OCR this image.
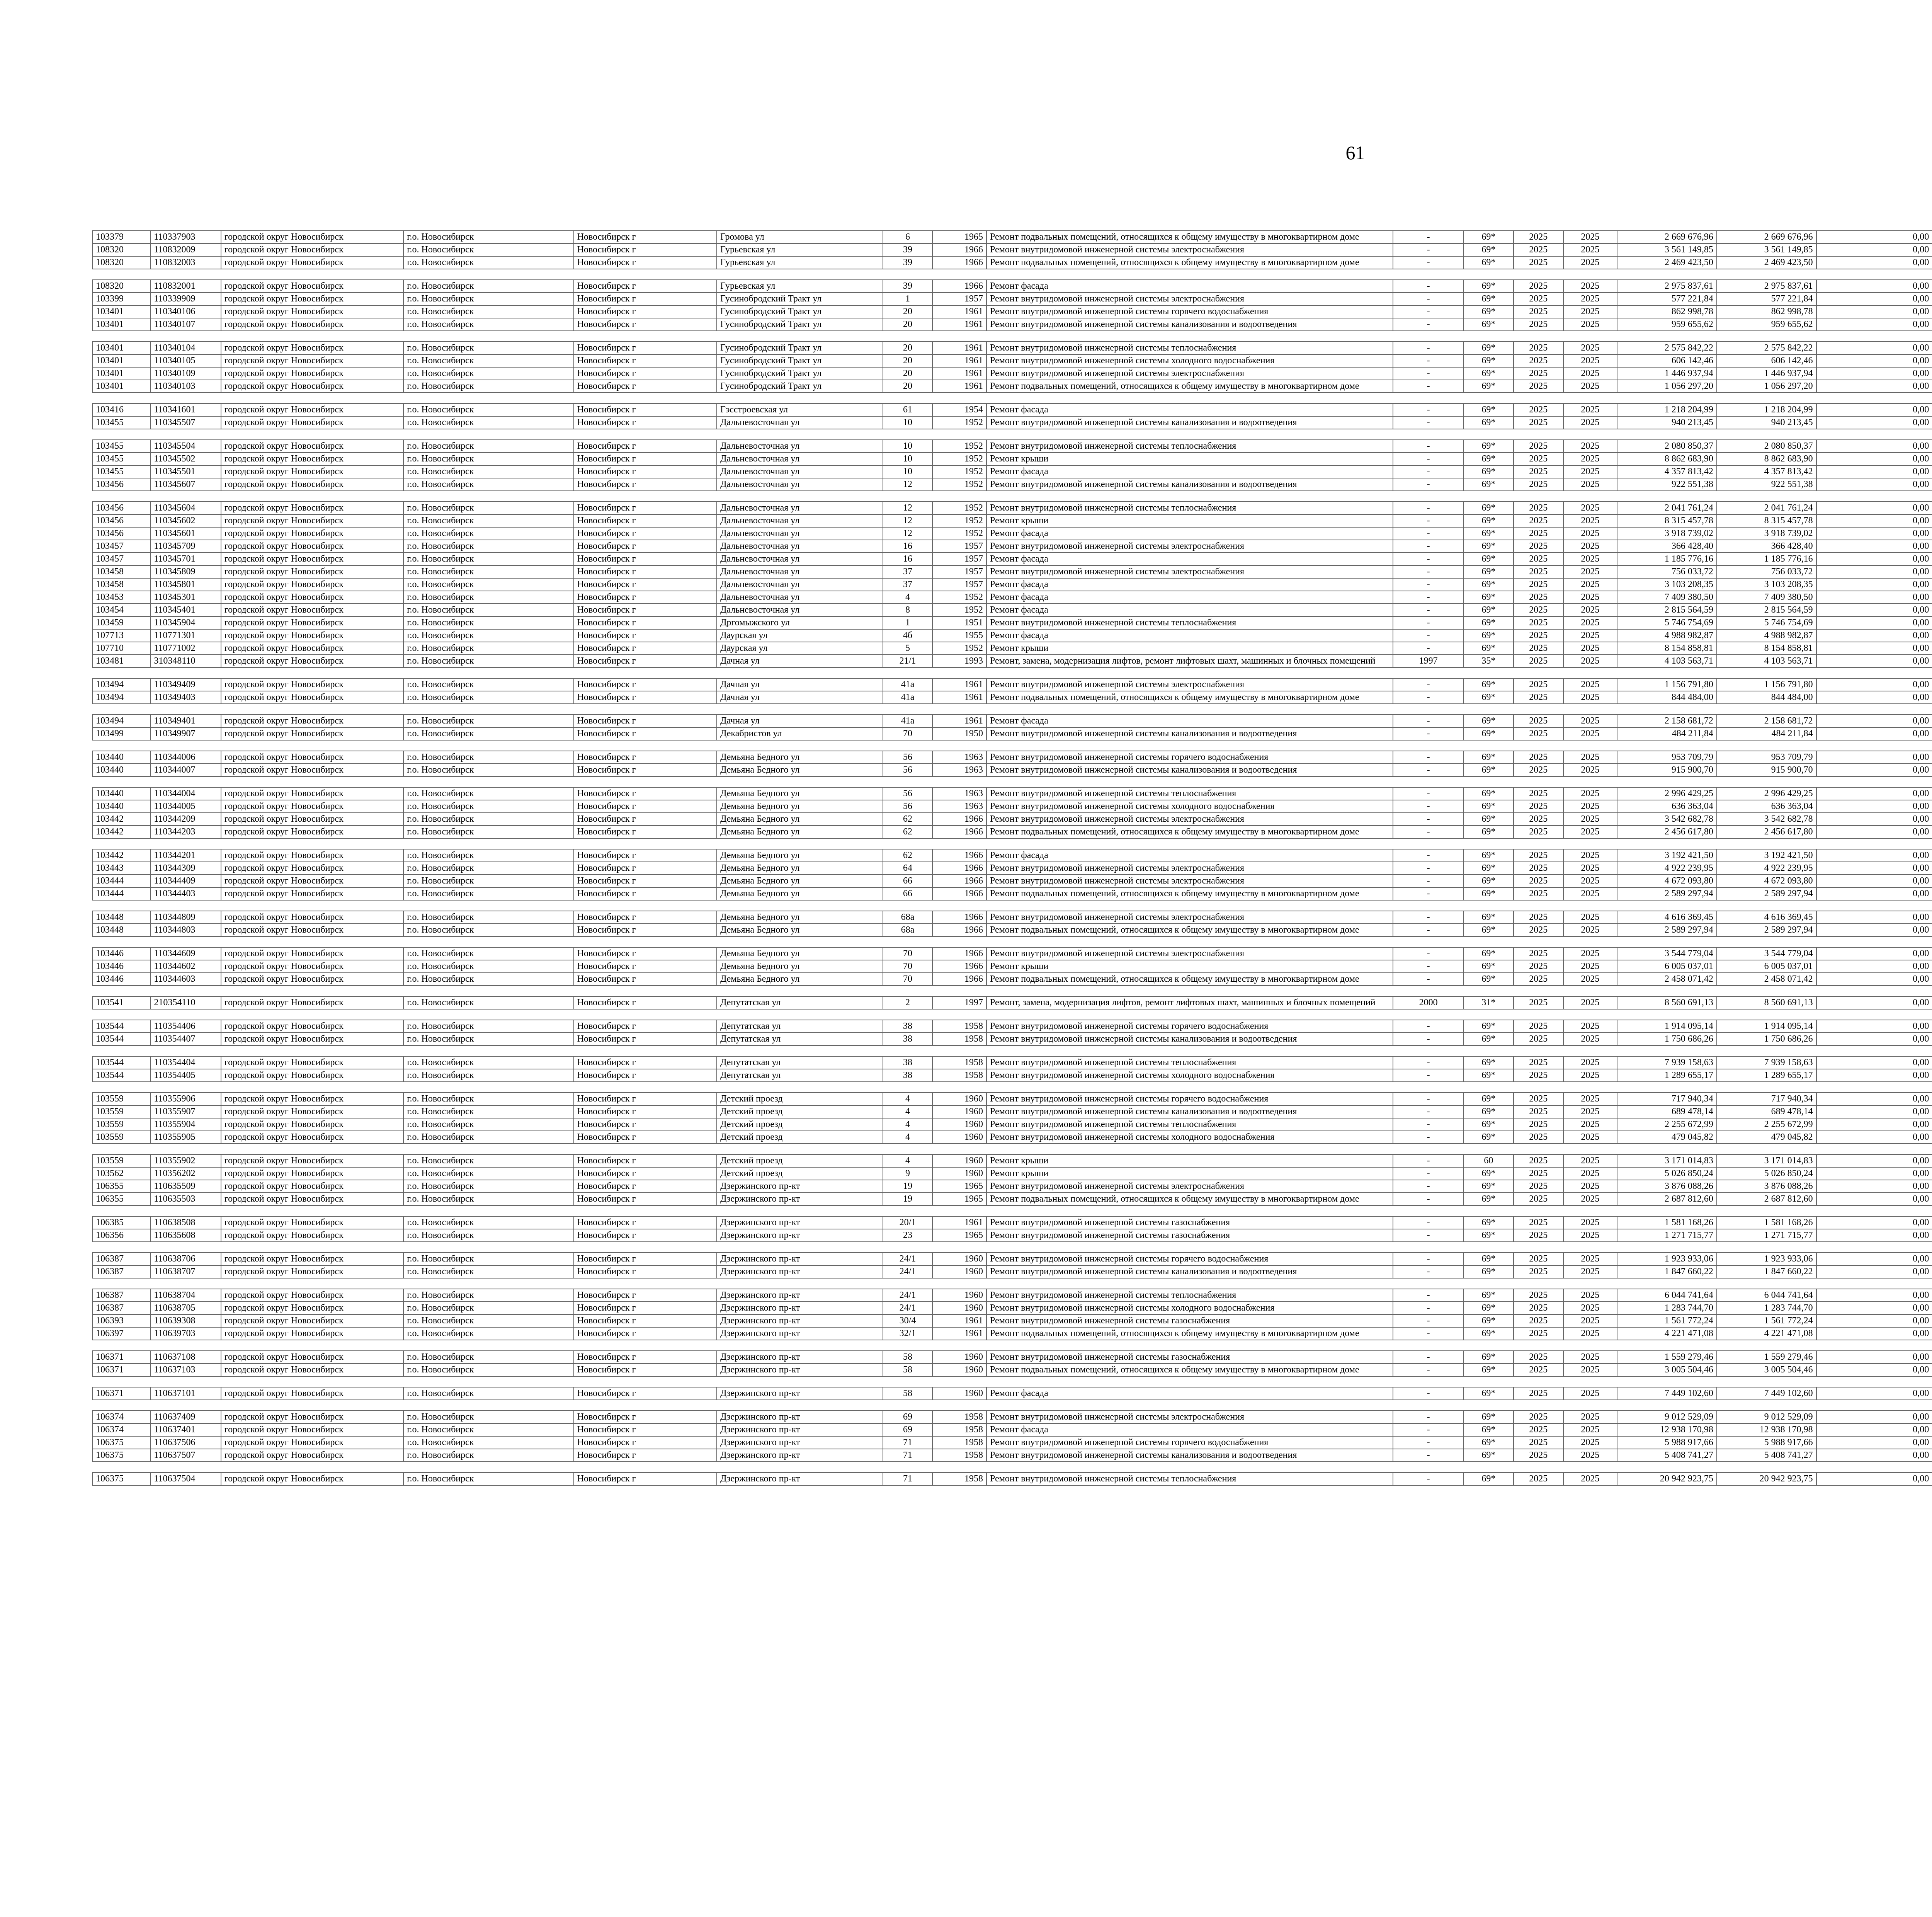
61
103379	110337903	городской округ Новосибирск	г.о. Новосибирск	Новосибирск г	Громова ул	6	1965	Ремонт подвальных помещений, относящихся к общему имуществу в многоквартирном доме	-	69*	2025	2025	2 669 676,96	2 669 676,96	0,00						
108320	110832009	городской округ Новосибирск	г.о. Новосибирск	Новосибирск г	Гурьевская ул	39	1966	Ремонт внутридомовой инженерной системы электроснабжения	-	69*	2025	2025	3 561 149,85	3 561 149,85	0,00						
108320	110832003	городской округ Новосибирск	г.о. Новосибирск	Новосибирск г	Гурьевская ул	39	1966	Ремонт подвальных помещений, относящихся к общему имуществу в многоквартирном доме	-	69*	2025	2025	2 469 423,50	2 469 423,50	0,00						

108320	110832001	городской округ Новосибирск	г.о. Новосибирск	Новосибирск г	Гурьевская ул	39	1966	Ремонт фасада	-	69*	2025	2025	2 975 837,61	2 975 837,61	0,00						
103399	110339909	городской округ Новосибирск	г.о. Новосибирск	Новосибирск г	Гусинобродский Тракт ул	1	1957	Ремонт внутридомовой инженерной системы электроснабжения	-	69*	2025	2025	577 221,84	577 221,84	0,00						
103401	110340106	городской округ Новосибирск	г.о. Новосибирск	Новосибирск г	Гусинобродский Тракт ул	20	1961	Ремонт внутридомовой инженерной системы горячего водоснабжения	-	69*	2025	2025	862 998,78	862 998,78	0,00						
103401	110340107	городской округ Новосибирск	г.о. Новосибирск	Новосибирск г	Гусинобродский Тракт ул	20	1961	Ремонт внутридомовой инженерной системы канализования и водоотведения	-	69*	2025	2025	959 655,62	959 655,62	0,00						

103401	110340104	городской округ Новосибирск	г.о. Новосибирск	Новосибирск г	Гусинобродский Тракт ул	20	1961	Ремонт внутридомовой инженерной системы теплоснабжения	-	69*	2025	2025	2 575 842,22	2 575 842,22	0,00						
103401	110340105	городской округ Новосибирск	г.о. Новосибирск	Новосибирск г	Гусинобродский Тракт ул	20	1961	Ремонт внутридомовой инженерной системы холодного водоснабжения	-	69*	2025	2025	606 142,46	606 142,46	0,00						
103401	110340109	городской округ Новосибирск	г.о. Новосибирск	Новосибирск г	Гусинобродский Тракт ул	20	1961	Ремонт внутридомовой инженерной системы электроснабжения	-	69*	2025	2025	1 446 937,94	1 446 937,94	0,00						
103401	110340103	городской округ Новосибирск	г.о. Новосибирск	Новосибирск г	Гусинобродский Тракт ул	20	1961	Ремонт подвальных помещений, относящихся к общему имуществу в многоквартирном доме	-	69*	2025	2025	1 056 297,20	1 056 297,20	0,00						

103416	110341601	городской округ Новосибирск	г.о. Новосибирск	Новосибирск г	Гэсстроевская ул	61	1954	Ремонт фасада	-	69*	2025	2025	1 218 204,99	1 218 204,99	0,00						
103455	110345507	городской округ Новосибирск	г.о. Новосибирск	Новосибирск г	Дальневосточная ул	10	1952	Ремонт внутридомовой инженерной системы канализования и водоотведения	-	69*	2025	2025	940 213,45	940 213,45	0,00						

103455	110345504	городской округ Новосибирск	г.о. Новосибирск	Новосибирск г	Дальневосточная ул	10	1952	Ремонт внутридомовой инженерной системы теплоснабжения	-	69*	2025	2025	2 080 850,37	2 080 850,37	0,00						
103455	110345502	городской округ Новосибирск	г.о. Новосибирск	Новосибирск г	Дальневосточная ул	10	1952	Ремонт крыши	-	69*	2025	2025	8 862 683,90	8 862 683,90	0,00						
103455	110345501	городской округ Новосибирск	г.о. Новосибирск	Новосибирск г	Дальневосточная ул	10	1952	Ремонт фасада	-	69*	2025	2025	4 357 813,42	4 357 813,42	0,00						
103456	110345607	городской округ Новосибирск	г.о. Новосибирск	Новосибирск г	Дальневосточная ул	12	1952	Ремонт внутридомовой инженерной системы канализования и водоотведения	-	69*	2025	2025	922 551,38	922 551,38	0,00						

103456	110345604	городской округ Новосибирск	г.о. Новосибирск	Новосибирск г	Дальневосточная ул	12	1952	Ремонт внутридомовой инженерной системы теплоснабжения	-	69*	2025	2025	2 041 761,24	2 041 761,24	0,00						
103456	110345602	городской округ Новосибирск	г.о. Новосибирск	Новосибирск г	Дальневосточная ул	12	1952	Ремонт крыши	-	69*	2025	2025	8 315 457,78	8 315 457,78	0,00						
103456	110345601	городской округ Новосибирск	г.о. Новосибирск	Новосибирск г	Дальневосточная ул	12	1952	Ремонт фасада	-	69*	2025	2025	3 918 739,02	3 918 739,02	0,00						
103457	110345709	городской округ Новосибирск	г.о. Новосибирск	Новосибирск г	Дальневосточная ул	16	1957	Ремонт внутридомовой инженерной системы электроснабжения	-	69*	2025	2025	366 428,40	366 428,40	0,00						
103457	110345701	городской округ Новосибирск	г.о. Новосибирск	Новосибирск г	Дальневосточная ул	16	1957	Ремонт фасада	-	69*	2025	2025	1 185 776,16	1 185 776,16	0,00						
103458	110345809	городской округ Новосибирск	г.о. Новосибирск	Новосибирск г	Дальневосточная ул	37	1957	Ремонт внутридомовой инженерной системы электроснабжения	-	69*	2025	2025	756 033,72	756 033,72	0,00						
103458	110345801	городской округ Новосибирск	г.о. Новосибирск	Новосибирск г	Дальневосточная ул	37	1957	Ремонт фасада	-	69*	2025	2025	3 103 208,35	3 103 208,35	0,00						
103453	110345301	городской округ Новосибирск	г.о. Новосибирск	Новосибирск г	Дальневосточная ул	4	1952	Ремонт фасада	-	69*	2025	2025	7 409 380,50	7 409 380,50	0,00						
103454	110345401	городской округ Новосибирск	г.о. Новосибирск	Новосибирск г	Дальневосточная ул	8	1952	Ремонт фасада	-	69*	2025	2025	2 815 564,59	2 815 564,59	0,00						
103459	110345904	городской округ Новосибирск	г.о. Новосибирск	Новосибирск г	Дргомыжского ул	1	1951	Ремонт внутридомовой инженерной системы теплоснабжения	-	69*	2025	2025	5 746 754,69	5 746 754,69	0,00						
107713	110771301	городской округ Новосибирск	г.о. Новосибирск	Новосибирск г	Даурская ул	4б	1955	Ремонт фасада	-	69*	2025	2025	4 988 982,87	4 988 982,87	0,00						
107710	110771002	городской округ Новосибирск	г.о. Новосибирск	Новосибирск г	Даурская ул	5	1952	Ремонт крыши	-	69*	2025	2025	8 154 858,81	8 154 858,81	0,00						
103481	310348110	городской округ Новосибирск	г.о. Новосибирск	Новосибирск г	Дачная ул	21/1	1993	Ремонт, замена, модернизация лифтов, ремонт лифтовых шахт, машинных и блочных помещений	1997	35*	2025	2025	4 103 563,71	4 103 563,71	0,00						

103494	110349409	городской округ Новосибирск	г.о. Новосибирск	Новосибирск г	Дачная ул	41а	1961	Ремонт внутридомовой инженерной системы электроснабжения	-	69*	2025	2025	1 156 791,80	1 156 791,80	0,00						
103494	110349403	городской округ Новосибирск	г.о. Новосибирск	Новосибирск г	Дачная ул	41а	1961	Ремонт подвальных помещений, относящихся к общему имуществу в многоквартирном доме	-	69*	2025	2025	844 484,00	844 484,00	0,00						

103494	110349401	городской округ Новосибирск	г.о. Новосибирск	Новосибирск г	Дачная ул	41а	1961	Ремонт фасада	-	69*	2025	2025	2 158 681,72	2 158 681,72	0,00						
103499	110349907	городской округ Новосибирск	г.о. Новосибирск	Новосибирск г	Декабристов ул	70	1950	Ремонт внутридомовой инженерной системы канализования и водоотведения	-	69*	2025	2025	484 211,84	484 211,84	0,00						

103440	110344006	городской округ Новосибирск	г.о. Новосибирск	Новосибирск г	Демьяна Бедного ул	56	1963	Ремонт внутридомовой инженерной системы горячего водоснабжения	-	69*	2025	2025	953 709,79	953 709,79	0,00						
103440	110344007	городской округ Новосибирск	г.о. Новосибирск	Новосибирск г	Демьяна Бедного ул	56	1963	Ремонт внутридомовой инженерной системы канализования и водоотведения	-	69*	2025	2025	915 900,70	915 900,70	0,00						

103440	110344004	городской округ Новосибирск	г.о. Новосибирск	Новосибирск г	Демьяна Бедного ул	56	1963	Ремонт внутридомовой инженерной системы теплоснабжения	-	69*	2025	2025	2 996 429,25	2 996 429,25	0,00						
103440	110344005	городской округ Новосибирск	г.о. Новосибирск	Новосибирск г	Демьяна Бедного ул	56	1963	Ремонт внутридомовой инженерной системы холодного водоснабжения	-	69*	2025	2025	636 363,04	636 363,04	0,00						
103442	110344209	городской округ Новосибирск	г.о. Новосибирск	Новосибирск г	Демьяна Бедного ул	62	1966	Ремонт внутридомовой инженерной системы электроснабжения	-	69*	2025	2025	3 542 682,78	3 542 682,78	0,00						
103442	110344203	городской округ Новосибирск	г.о. Новосибирск	Новосибирск г	Демьяна Бедного ул	62	1966	Ремонт подвальных помещений, относящихся к общему имуществу в многоквартирном доме	-	69*	2025	2025	2 456 617,80	2 456 617,80	0,00						

103442	110344201	городской округ Новосибирск	г.о. Новосибирск	Новосибирск г	Демьяна Бедного ул	62	1966	Ремонт фасада	-	69*	2025	2025	3 192 421,50	3 192 421,50	0,00						
103443	110344309	городской округ Новосибирск	г.о. Новосибирск	Новосибирск г	Демьяна Бедного ул	64	1966	Ремонт внутридомовой инженерной системы электроснабжения	-	69*	2025	2025	4 922 239,95	4 922 239,95	0,00						
103444	110344409	городской округ Новосибирск	г.о. Новосибирск	Новосибирск г	Демьяна Бедного ул	66	1966	Ремонт внутридомовой инженерной системы электроснабжения	-	69*	2025	2025	4 672 093,80	4 672 093,80	0,00						
103444	110344403	городской округ Новосибирск	г.о. Новосибирск	Новосибирск г	Демьяна Бедного ул	66	1966	Ремонт подвальных помещений, относящихся к общему имуществу в многоквартирном доме	-	69*	2025	2025	2 589 297,94	2 589 297,94	0,00						

103448	110344809	городской округ Новосибирск	г.о. Новосибирск	Новосибирск г	Демьяна Бедного ул	68а	1966	Ремонт внутридомовой инженерной системы электроснабжения	-	69*	2025	2025	4 616 369,45	4 616 369,45	0,00						
103448	110344803	городской округ Новосибирск	г.о. Новосибирск	Новосибирск г	Демьяна Бедного ул	68а	1966	Ремонт подвальных помещений, относящихся к общему имуществу в многоквартирном доме	-	69*	2025	2025	2 589 297,94	2 589 297,94	0,00						

103446	110344609	городской округ Новосибирск	г.о. Новосибирск	Новосибирск г	Демьяна Бедного ул	70	1966	Ремонт внутридомовой инженерной системы электроснабжения	-	69*	2025	2025	3 544 779,04	3 544 779,04	0,00						
103446	110344602	городской округ Новосибирск	г.о. Новосибирск	Новосибирск г	Демьяна Бедного ул	70	1966	Ремонт крыши	-	69*	2025	2025	6 005 037,01	6 005 037,01	0,00						
103446	110344603	городской округ Новосибирск	г.о. Новосибирск	Новосибирск г	Демьяна Бедного ул	70	1966	Ремонт подвальных помещений, относящихся к общему имуществу в многоквартирном доме	-	69*	2025	2025	2 458 071,42	2 458 071,42	0,00						

103541	210354110	городской округ Новосибирск	г.о. Новосибирск	Новосибирск г	Депутатская ул	2	1997	Ремонт, замена, модернизация лифтов, ремонт лифтовых шахт, машинных и блочных помещений	2000	31*	2025	2025	8 560 691,13	8 560 691,13	0,00						

103544	110354406	городской округ Новосибирск	г.о. Новосибирск	Новосибирск г	Депутатская ул	38	1958	Ремонт внутридомовой инженерной системы горячего водоснабжения	-	69*	2025	2025	1 914 095,14	1 914 095,14	0,00						
103544	110354407	городской округ Новосибирск	г.о. Новосибирск	Новосибирск г	Депутатская ул	38	1958	Ремонт внутридомовой инженерной системы канализования и водоотведения	-	69*	2025	2025	1 750 686,26	1 750 686,26	0,00						

103544	110354404	городской округ Новосибирск	г.о. Новосибирск	Новосибирск г	Депутатская ул	38	1958	Ремонт внутридомовой инженерной системы теплоснабжения	-	69*	2025	2025	7 939 158,63	7 939 158,63	0,00						
103544	110354405	городской округ Новосибирск	г.о. Новосибирск	Новосибирск г	Депутатская ул	38	1958	Ремонт внутридомовой инженерной системы холодного водоснабжения	-	69*	2025	2025	1 289 655,17	1 289 655,17	0,00						

103559	110355906	городской округ Новосибирск	г.о. Новосибирск	Новосибирск г	Детский проезд	4	1960	Ремонт внутридомовой инженерной системы горячего водоснабжения	-	69*	2025	2025	717 940,34	717 940,34	0,00						
103559	110355907	городской округ Новосибирск	г.о. Новосибирск	Новосибирск г	Детский проезд	4	1960	Ремонт внутридомовой инженерной системы канализования и водоотведения	-	69*	2025	2025	689 478,14	689 478,14	0,00						
103559	110355904	городской округ Новосибирск	г.о. Новосибирск	Новосибирск г	Детский проезд	4	1960	Ремонт внутридомовой инженерной системы теплоснабжения	-	69*	2025	2025	2 255 672,99	2 255 672,99	0,00						
103559	110355905	городской округ Новосибирск	г.о. Новосибирск	Новосибирск г	Детский проезд	4	1960	Ремонт внутридомовой инженерной системы холодного водоснабжения	-	69*	2025	2025	479 045,82	479 045,82	0,00						

103559	110355902	городской округ Новосибирск	г.о. Новосибирск	Новосибирск г	Детский проезд	4	1960	Ремонт крыши	-	60	2025	2025	3 171 014,83	3 171 014,83	0,00						
103562	110356202	городской округ Новосибирск	г.о. Новосибирск	Новосибирск г	Детский проезд	9	1960	Ремонт крыши	-	69*	2025	2025	5 026 850,24	5 026 850,24	0,00						
106355	110635509	городской округ Новосибирск	г.о. Новосибирск	Новосибирск г	Дзержинского пр-кт	19	1965	Ремонт внутридомовой инженерной системы электроснабжения	-	69*	2025	2025	3 876 088,26	3 876 088,26	0,00						
106355	110635503	городской округ Новосибирск	г.о. Новосибирск	Новосибирск г	Дзержинского пр-кт	19	1965	Ремонт подвальных помещений, относящихся к общему имуществу в многоквартирном доме	-	69*	2025	2025	2 687 812,60	2 687 812,60	0,00						

106385	110638508	городской округ Новосибирск	г.о. Новосибирск	Новосибирск г	Дзержинского пр-кт	20/1	1961	Ремонт внутридомовой инженерной системы газоснабжения	-	69*	2025	2025	1 581 168,26	1 581 168,26	0,00						
106356	110635608	городской округ Новосибирск	г.о. Новосибирск	Новосибирск г	Дзержинского пр-кт	23	1965	Ремонт внутридомовой инженерной системы газоснабжения	-	69*	2025	2025	1 271 715,77	1 271 715,77	0,00						

106387	110638706	городской округ Новосибирск	г.о. Новосибирск	Новосибирск г	Дзержинского пр-кт	24/1	1960	Ремонт внутридомовой инженерной системы горячего водоснабжения	-	69*	2025	2025	1 923 933,06	1 923 933,06	0,00						
106387	110638707	городской округ Новосибирск	г.о. Новосибирск	Новосибирск г	Дзержинского пр-кт	24/1	1960	Ремонт внутридомовой инженерной системы канализования и водоотведения	-	69*	2025	2025	1 847 660,22	1 847 660,22	0,00						

106387	110638704	городской округ Новосибирск	г.о. Новосибирск	Новосибирск г	Дзержинского пр-кт	24/1	1960	Ремонт внутридомовой инженерной системы теплоснабжения	-	69*	2025	2025	6 044 741,64	6 044 741,64	0,00						
106387	110638705	городской округ Новосибирск	г.о. Новосибирск	Новосибирск г	Дзержинского пр-кт	24/1	1960	Ремонт внутридомовой инженерной системы холодного водоснабжения	-	69*	2025	2025	1 283 744,70	1 283 744,70	0,00						
106393	110639308	городской округ Новосибирск	г.о. Новосибирск	Новосибирск г	Дзержинского пр-кт	30/4	1961	Ремонт внутридомовой инженерной системы газоснабжения	-	69*	2025	2025	1 561 772,24	1 561 772,24	0,00						
106397	110639703	городской округ Новосибирск	г.о. Новосибирск	Новосибирск г	Дзержинского пр-кт	32/1	1961	Ремонт подвальных помещений, относящихся к общему имуществу в многоквартирном доме	-	69*	2025	2025	4 221 471,08	4 221 471,08	0,00						

106371	110637108	городской округ Новосибирск	г.о. Новосибирск	Новосибирск г	Дзержинского пр-кт	58	1960	Ремонт внутридомовой инженерной системы газоснабжения	-	69*	2025	2025	1 559 279,46	1 559 279,46	0,00						
106371	110637103	городской округ Новосибирск	г.о. Новосибирск	Новосибирск г	Дзержинского пр-кт	58	1960	Ремонт подвальных помещений, относящихся к общему имуществу в многоквартирном доме	-	69*	2025	2025	3 005 504,46	3 005 504,46	0,00						

106371	110637101	городской округ Новосибирск	г.о. Новосибирск	Новосибирск г	Дзержинского пр-кт	58	1960	Ремонт фасада	-	69*	2025	2025	7 449 102,60	7 449 102,60	0,00						

106374	110637409	городской округ Новосибирск	г.о. Новосибирск	Новосибирск г	Дзержинского пр-кт	69	1958	Ремонт внутридомовой инженерной системы электроснабжения	-	69*	2025	2025	9 012 529,09	9 012 529,09	0,00						
106374	110637401	городской округ Новосибирск	г.о. Новосибирск	Новосибирск г	Дзержинского пр-кт	69	1958	Ремонт фасада	-	69*	2025	2025	12 938 170,98	12 938 170,98	0,00						
106375	110637506	городской округ Новосибирск	г.о. Новосибирск	Новосибирск г	Дзержинского пр-кт	71	1958	Ремонт внутридомовой инженерной системы горячего водоснабжения	-	69*	2025	2025	5 988 917,66	5 988 917,66	0,00						
106375	110637507	городской округ Новосибирск	г.о. Новосибирск	Новосибирск г	Дзержинского пр-кт	71	1958	Ремонт внутридомовой инженерной системы канализования и водоотведения	-	69*	2025	2025	5 408 741,27	5 408 741,27	0,00						

106375	110637504	городской округ Новосибирск	г.о. Новосибирск	Новосибирск г	Дзержинского пр-кт	71	1958	Ремонт внутридомовой инженерной системы теплоснабжения	-	69*	2025	2025	20 942 923,75	20 942 923,75	0,00						
